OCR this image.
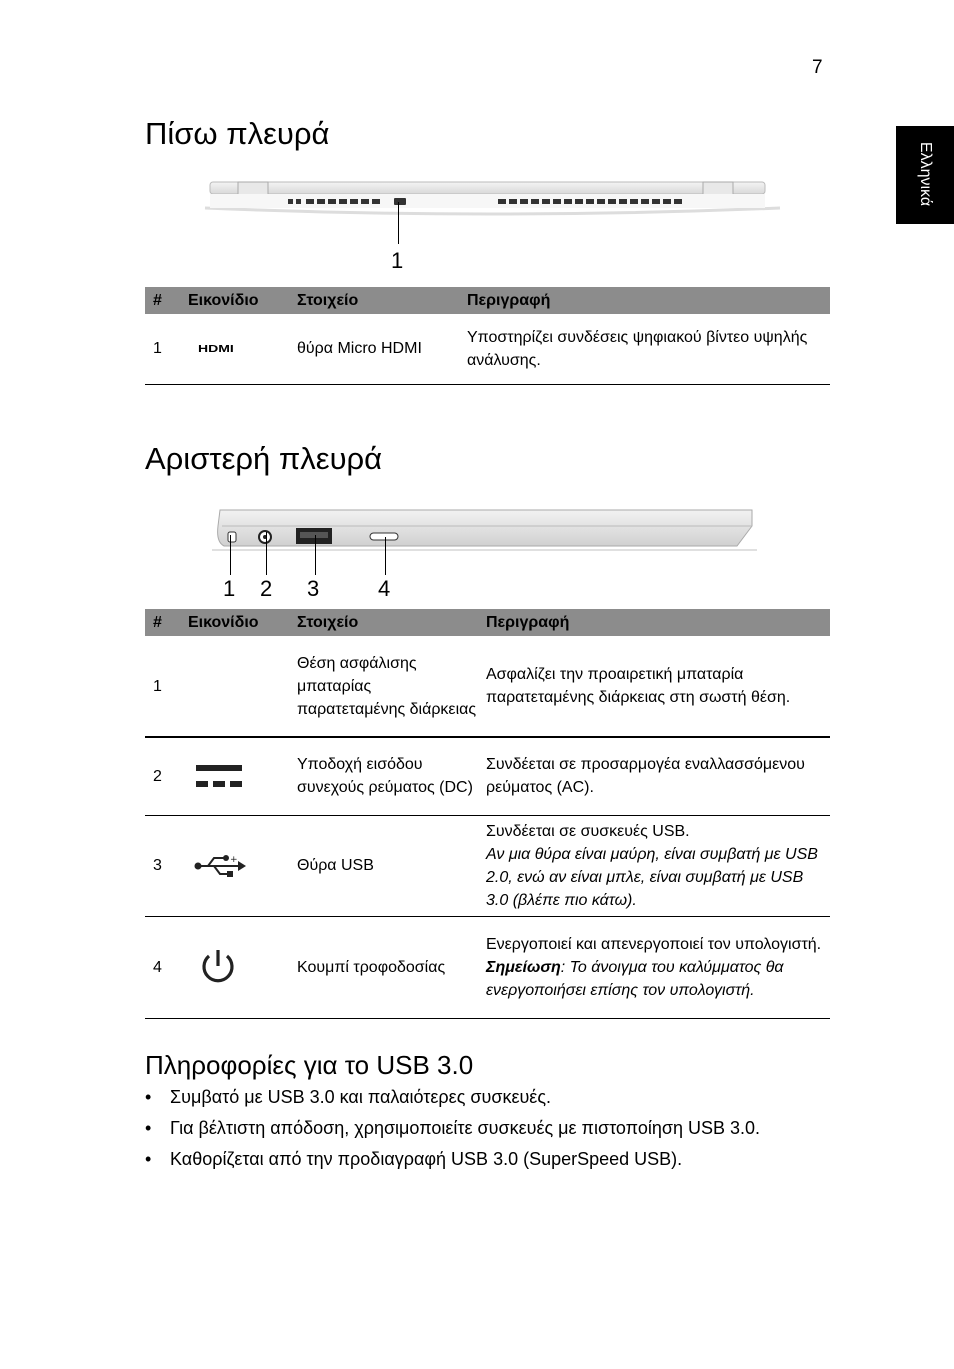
7
Ελληνικά
Πίσω πλευρά
1
#	Εικονίδιο	Στοιχείο	Περιγραφή
1	HDMI	θύρα Micro HDMI	Υποστηρίζει συνδέσεις ψηφιακού βίντεο υψηλής ανάλυσης.
Αριστερή πλευρά
1 2 3	4
#	Εικονίδιο	Στοιχείο	Περιγραφή
1		Θέση ασφάλισης μπαταρίας παρατεταμένης διάρκειας	Ασφαλίζει την προαιρετική μπαταρία παρατεταμένης διάρκειας στη σωστή θέση.
2		Υποδοχή εισόδου συνεχούς ρεύματος (DC)	Συνδέεται σε προσαρμογέα εναλλασσόμενου ρεύματος (AC).
3	+	Θύρα USB	Συνδέεται σε συσκευές USB.
Αν μια θύρα είναι μαύρη, είναι συμβατή με USB 2.0, ενώ αν είναι μπλε, είναι συμβατή με USB 3.0 (βλέπε πιο κάτω).

4		Κουμπί τροφοδοσίας	Ενεργοποιεί και απενεργοποιεί τον υπολογιστή.
Σημείωση: Το άνοιγμα του καλύμματος θα ενεργοποιήσει επίσης τον υπολογιστή.
Πληροφορίες για το USB 3.0
• Συμβατό με USB 3.0 και παλαιότερες συσκευές.
• Για βέλτιστη απόδοση, χρησιμοποιείτε συσκευές με πιστοποίηση USB 3.0.
• Καθορίζεται από την προδιαγραφή USB 3.0 (SuperSpeed USB).
